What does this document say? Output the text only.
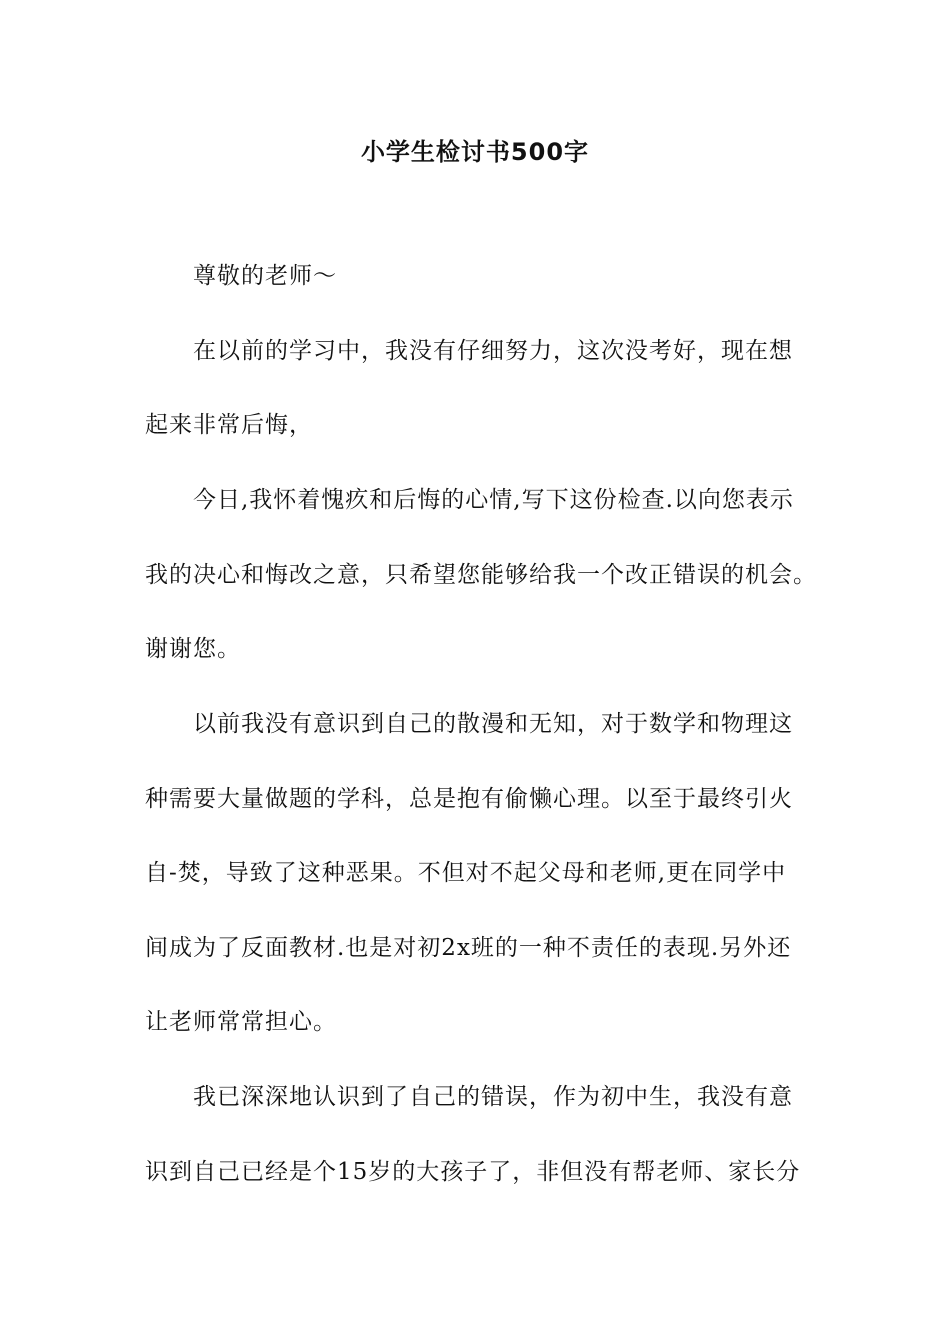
小学生检讨书500字
尊敬的老师～
在以前的学习中，我没有仔细努力，这次没考好，现在想
起来非常后悔，
今日,我怀着愧疚和后悔的心情,写下这份检查.以向您表示
我的决心和悔改之意，只希望您能够给我一个改正错误的机会。
谢谢您。
以前我没有意识到自己的散漫和无知，对于数学和物理这
种需要大量做题的学科，总是抱有偷懒心理。以至于最终引火
自-焚，导致了这种恶果。不但对不起父母和老师,更在同学中
间成为了反面教材.也是对初2x班的一种不责任的表现.另外还
让老师常常担心。
我已深深地认识到了自己的错误，作为初中生，我没有意
识到自己已经是个15岁的大孩子了，非但没有帮老师、家长分
